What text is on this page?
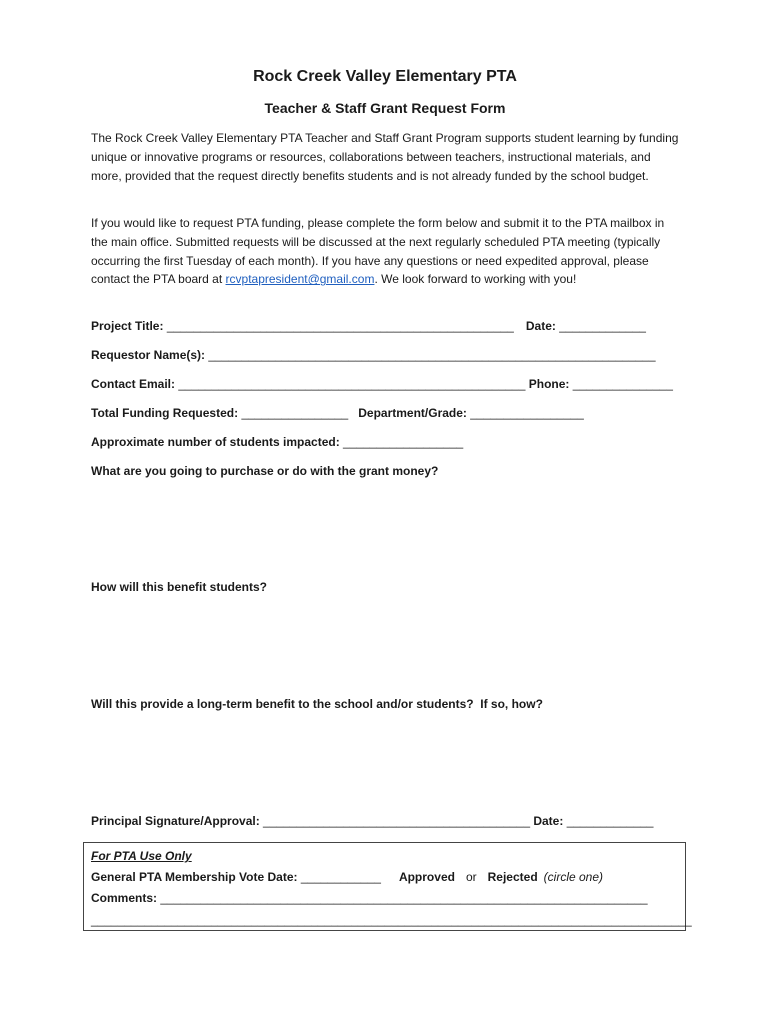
Rock Creek Valley Elementary PTA
Teacher & Staff Grant Request Form

The Rock Creek Valley Elementary PTA Teacher and Staff Grant Program supports student learning by funding unique or innovative programs or resources, collaborations between teachers, instructional materials, and more, provided that the request directly benefits students and is not already funded by the school budget.

If you would like to request PTA funding, please complete the form below and submit it to the PTA mailbox in the main office. Submitted requests will be discussed at the next regularly scheduled PTA meeting (typically occurring the first Tuesday of each month). If you have any questions or need expedited approval, please contact the PTA board at rcvptapresident@gmail.com. We look forward to working with you!

Project Title: ____________________________________________________ Date: _____________
Requestor Name(s): ___________________________________________________________________
Contact Email: ____________________________________________________ Phone: _______________
Total Funding Requested: ________________ Department/Grade: _________________
Approximate number of students impacted: __________________
What are you going to purchase or do with the grant money?
How will this benefit students?
Will this provide a long-term benefit to the school and/or students?  If so, how?
Principal Signature/Approval: ________________________________________ Date: _____________
For PTA Use Only
General PTA Membership Vote Date: ____________ Approved or Rejected (circle one)
Comments: _________________________________________________________________________
__________________________________________________________________________________________
